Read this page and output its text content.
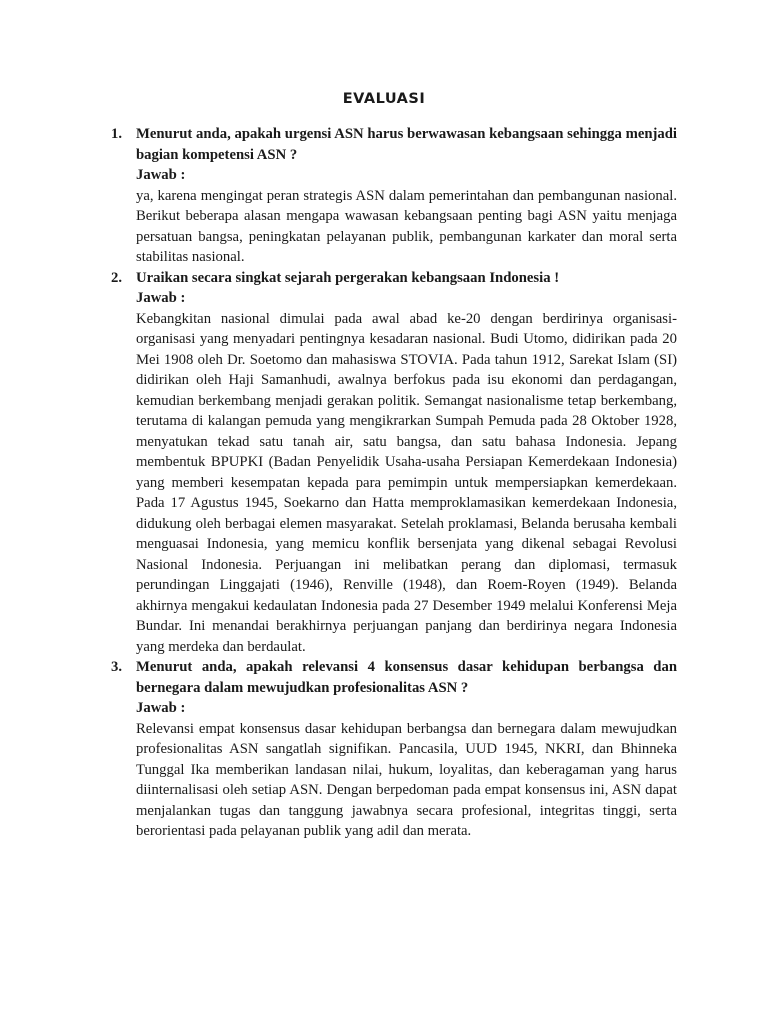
EVALUASI
1. Menurut anda, apakah urgensi ASN harus berwawasan kebangsaan sehingga menjadi bagian kompetensi ASN ?

Jawab :

ya, karena mengingat peran strategis ASN dalam pemerintahan dan pembangunan nasional. Berikut beberapa alasan mengapa wawasan kebangsaan penting bagi ASN yaitu menjaga persatuan bangsa, peningkatan pelayanan publik, pembangunan karkater dan moral serta stabilitas nasional.

2. Uraikan secara singkat sejarah pergerakan kebangsaan Indonesia !

Jawab :

Kebangkitan nasional dimulai pada awal abad ke-20 dengan berdirinya organisasi-organisasi yang menyadari pentingnya kesadaran nasional. Budi Utomo, didirikan pada 20 Mei 1908 oleh Dr. Soetomo dan mahasiswa STOVIA. Pada tahun 1912, Sarekat Islam (SI) didirikan oleh Haji Samanhudi, awalnya berfokus pada isu ekonomi dan perdagangan, kemudian berkembang menjadi gerakan politik. Semangat nasionalisme tetap berkembang, terutama di kalangan pemuda yang mengikrarkan Sumpah Pemuda pada 28 Oktober 1928, menyatukan tekad satu tanah air, satu bangsa, dan satu bahasa Indonesia. Jepang membentuk BPUPKI (Badan Penyelidik Usaha-usaha Persiapan Kemerdekaan Indonesia) yang memberi kesempatan kepada para pemimpin untuk mempersiapkan kemerdekaan. Pada 17 Agustus 1945, Soekarno dan Hatta memproklamasikan kemerdekaan Indonesia, didukung oleh berbagai elemen masyarakat. Setelah proklamasi, Belanda berusaha kembali menguasai Indonesia, yang memicu konflik bersenjata yang dikenal sebagai Revolusi Nasional Indonesia. Perjuangan ini melibatkan perang dan diplomasi, termasuk perundingan Linggajati (1946), Renville (1948), dan Roem-Royen (1949). Belanda akhirnya mengakui kedaulatan Indonesia pada 27 Desember 1949 melalui Konferensi Meja Bundar. Ini menandai berakhirnya perjuangan panjang dan berdirinya negara Indonesia yang merdeka dan berdaulat.

3. Menurut anda, apakah relevansi 4 konsensus dasar kehidupan berbangsa dan bernegara dalam mewujudkan profesionalitas ASN ?

Jawab :

Relevansi empat konsensus dasar kehidupan berbangsa dan bernegara dalam mewujudkan profesionalitas ASN sangatlah signifikan. Pancasila, UUD 1945, NKRI, dan Bhinneka Tunggal Ika memberikan landasan nilai, hukum, loyalitas, dan keberagaman yang harus diinternalisasi oleh setiap ASN. Dengan berpedoman pada empat konsensus ini, ASN dapat menjalankan tugas dan tanggung jawabnya secara profesional, integritas tinggi, serta berorientasi pada pelayanan publik yang adil dan merata.
